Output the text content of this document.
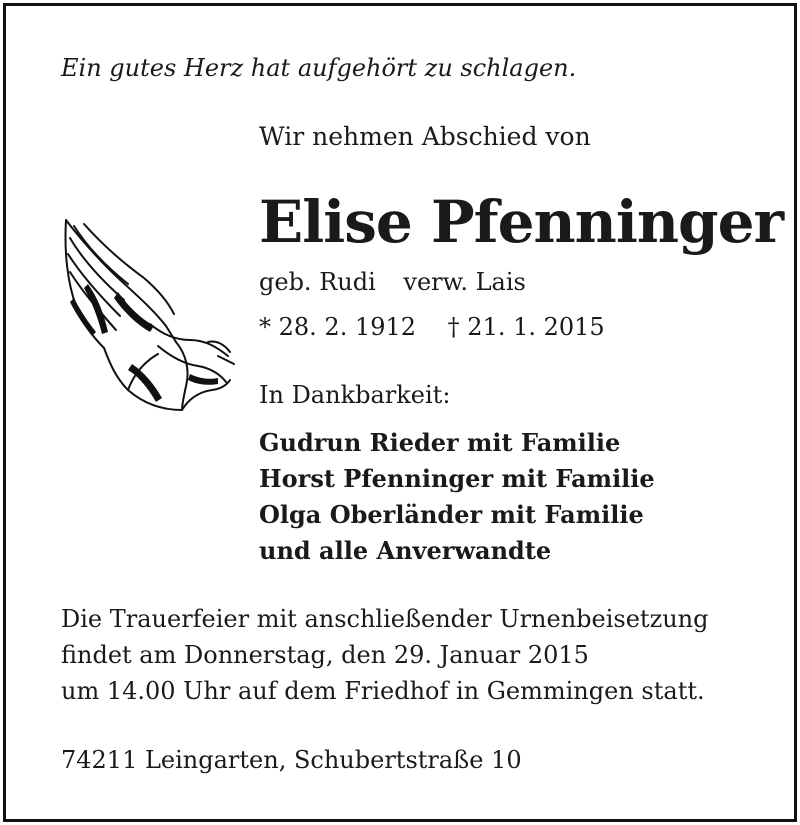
Ein gutes Herz hat aufgehört zu schlagen.
Wir nehmen Abschied von
Elise Pfenninger
geb. Rudi verw. Lais
* 28. 2. 1912 † 21. 1. 2015
In Dankbarkeit:
Gudrun Rieder mit Familie
Horst Pfenninger mit Familie
Olga Oberländer mit Familie
und alle Anverwandte
Die Trauerfeier mit anschließender Urnenbeisetzung
findet am Donnerstag, den 29. Januar 2015
um 14.00 Uhr auf dem Friedhof in Gemmingen statt.
74211 Leingarten, Schubertstraße 10
